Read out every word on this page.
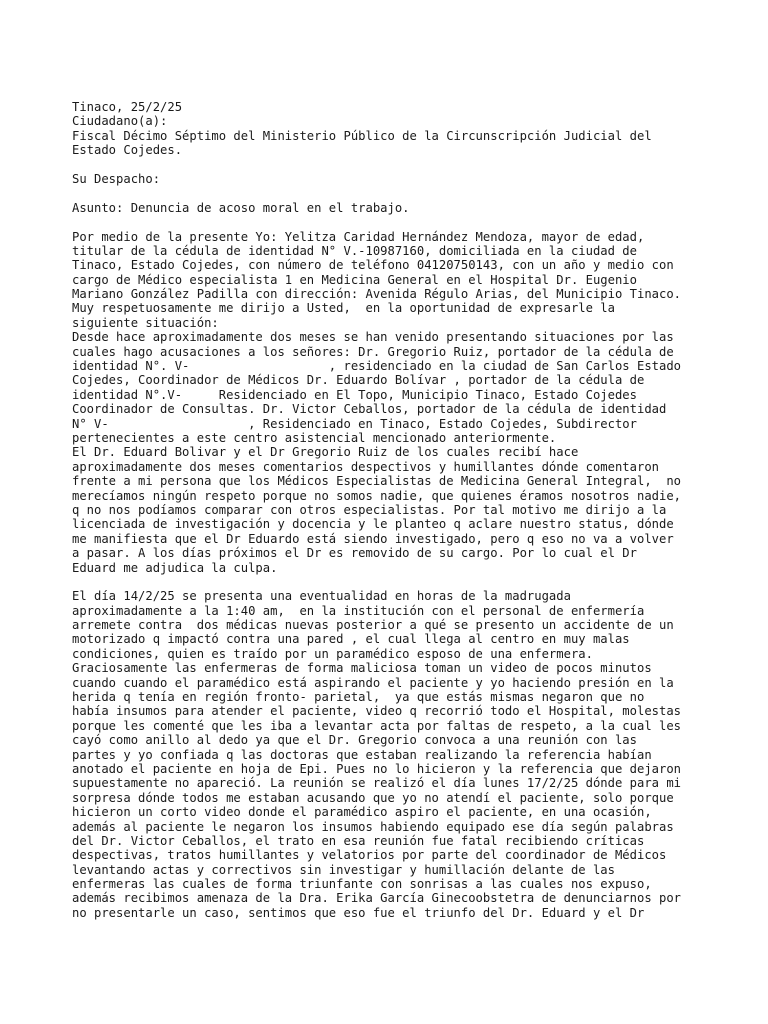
Tinaco, 25/2/25
Ciudadano(a):
Fiscal Décimo Séptimo del Ministerio Público de la Circunscripción Judicial del
Estado Cojedes.
Su Despacho:
Asunto: Denuncia de acoso moral en el trabajo.
Por medio de la presente Yo: Yelitza Caridad Hernández Mendoza, mayor de edad,
titular de la cédula de identidad N° V.-10987160, domiciliada en la ciudad de
Tinaco, Estado Cojedes, con número de teléfono 04120750143, con un año y medio con
cargo de Médico especialista 1 en Medicina General en el Hospital Dr. Eugenio
Mariano González Padilla con dirección: Avenida Régulo Arias, del Municipio Tinaco.
Muy respetuosamente me dirijo a Usted,  en la oportunidad de expresarle la
siguiente situación:
Desde hace aproximadamente dos meses se han venido presentando situaciones por las
cuales hago acusaciones a los señores: Dr. Gregorio Ruiz, portador de la cédula de
identidad N°. V-                   , residenciado en la ciudad de San Carlos Estado
Cojedes, Coordinador de Médicos Dr. Eduardo Bolívar , portador de la cédula de
identidad N°.V-     Residenciado en El Topo, Municipio Tinaco, Estado Cojedes
Coordinador de Consultas. Dr. Victor Ceballos, portador de la cédula de identidad
N° V-                   , Residenciado en Tinaco, Estado Cojedes, Subdirector
pertenecientes a este centro asistencial mencionado anteriormente.
El Dr. Eduard Bolivar y el Dr Gregorio Ruiz de los cuales recibí hace
aproximadamente dos meses comentarios despectivos y humillantes dónde comentaron
frente a mi persona que los Médicos Especialistas de Medicina General Integral,  no
merecíamos ningún respeto porque no somos nadie, que quienes éramos nosotros nadie,
q no nos podíamos comparar con otros especialistas. Por tal motivo me dirijo a la
licenciada de investigación y docencia y le planteo q aclare nuestro status, dónde
me manifiesta que el Dr Eduardo está siendo investigado, pero q eso no va a volver
a pasar. A los días próximos el Dr es removido de su cargo. Por lo cual el Dr
Eduard me adjudica la culpa.
El día 14/2/25 se presenta una eventualidad en horas de la madrugada
aproximadamente a la 1:40 am,  en la institución con el personal de enfermería
arremete contra  dos médicas nuevas posterior a qué se presento un accidente de un
motorizado q impactó contra una pared , el cual llega al centro en muy malas
condiciones, quien es traído por un paramédico esposo de una enfermera.
Graciosamente las enfermeras de forma maliciosa toman un video de pocos minutos
cuando cuando el paramédico está aspirando el paciente y yo haciendo presión en la
herida q tenía en región fronto- parietal,  ya que estás mismas negaron que no
había insumos para atender el paciente, video q recorrió todo el Hospital, molestas
porque les comenté que les iba a levantar acta por faltas de respeto, a la cual les
cayó como anillo al dedo ya que el Dr. Gregorio convoca a una reunión con las
partes y yo confiada q las doctoras que estaban realizando la referencia habían
anotado el paciente en hoja de Epi. Pues no lo hicieron y la referencia que dejaron
supuestamente no apareció. La reunión se realizó el día lunes 17/2/25 dónde para mi
sorpresa dónde todos me estaban acusando que yo no atendí el paciente, solo porque
hicieron un corto video donde el paramédico aspiro el paciente, en una ocasión,
además al paciente le negaron los insumos habiendo equipado ese día según palabras
del Dr. Victor Ceballos, el trato en esa reunión fue fatal recibiendo críticas
despectivas, tratos humillantes y velatorios por parte del coordinador de Médicos
levantando actas y correctivos sin investigar y humillación delante de las
enfermeras las cuales de forma triunfante con sonrisas a las cuales nos expuso,
además recibimos amenaza de la Dra. Erika García Ginecoobstetra de denunciarnos por
no presentarle un caso, sentimos que eso fue el triunfo del Dr. Eduard y el Dr
